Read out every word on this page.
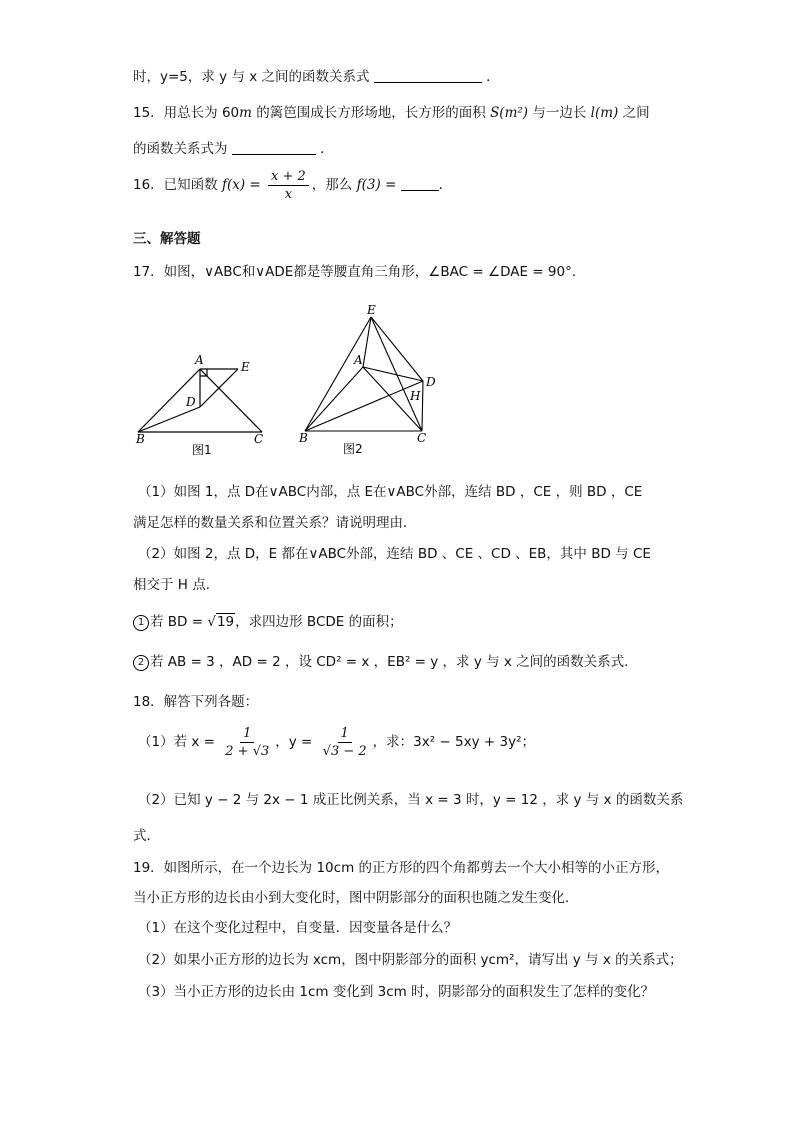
时，y=5，求 y 与 x 之间的函数关系式	．
15．用总长为 60m 的篱笆围成长方形场地，长方形的面积 S(m²) 与一边长 l(m) 之间
的函数关系式为	．
16．已知函数 $f(x) = \frac{x + 2}{x}$ ，那么 f(3) =	．
三、解答题
17．如图，∨ABC和∨ADE都是等腰直角三角形，∠BAC = ∠DAE = 90°．
A	E
D
B	C
图1
E
A
D
H
B	C
图2
（1）如图 1，点 D在∨ABC内部，点 E在∨ABC外部，连结 BD ，CE ，则 BD ，CE
满足怎样的数量关系和位置关系？请说明理由．
（2）如图 2，点 D，E 都在∨ABC外部，连结 BD 、CE 、CD 、EB，其中 BD 与 CE
相交于 H 点．
1 若 BD = √19，求四边形 BCDE 的面积；
2 若 AB = 3 ，AD = 2 ，设 CD² = x ，EB² = y ，求 y 与 x 之间的函数关系式．
18．解答下列各题：
（1）若 $x = \frac{1}{2 + √3}$ ，$y = \frac{1}{√3 - 2}$ ，求：3x² − 5xy + 3y²；
（2）已知 y − 2 与 2x − 1 成正比例关系，当 x = 3 时，y = 12 ，求 y 与 x 的函数关系
式．
19．如图所示，在一个边长为 10cm 的正方形的四个角都剪去一个大小相等的小正方形，
当小正方形的边长由小到大变化时，图中阴影部分的面积也随之发生变化．
（1）在这个变化过程中，自变量．因变量各是什么？
（2）如果小正方形的边长为 xcm，图中阴影部分的面积 ycm²，请写出 y 与 x 的关系式；
（3）当小正方形的边长由 1cm 变化到 3cm 时，阴影部分的面积发生了怎样的变化？
